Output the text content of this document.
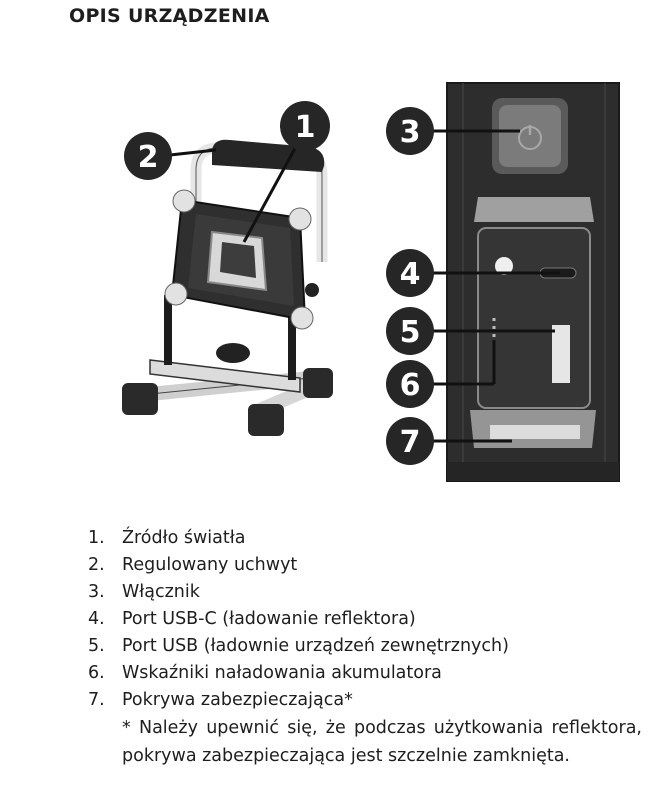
OPIS URZĄDZENIA
1
2
3
4
5
6
7
1. Źródło światła
2. Regulowany uchwyt
3. Włącznik
4. Port USB-C (ładowanie reflektora)
5. Port USB (ładownie urządzeń zewnętrznych)
6. Wskaźniki naładowania akumulatora
7. Pokrywa zabezpieczająca*
* Należy upewnić się, że podczas użytkowania reflektora, pokrywa zabezpieczająca jest szczelnie zamknięta.
